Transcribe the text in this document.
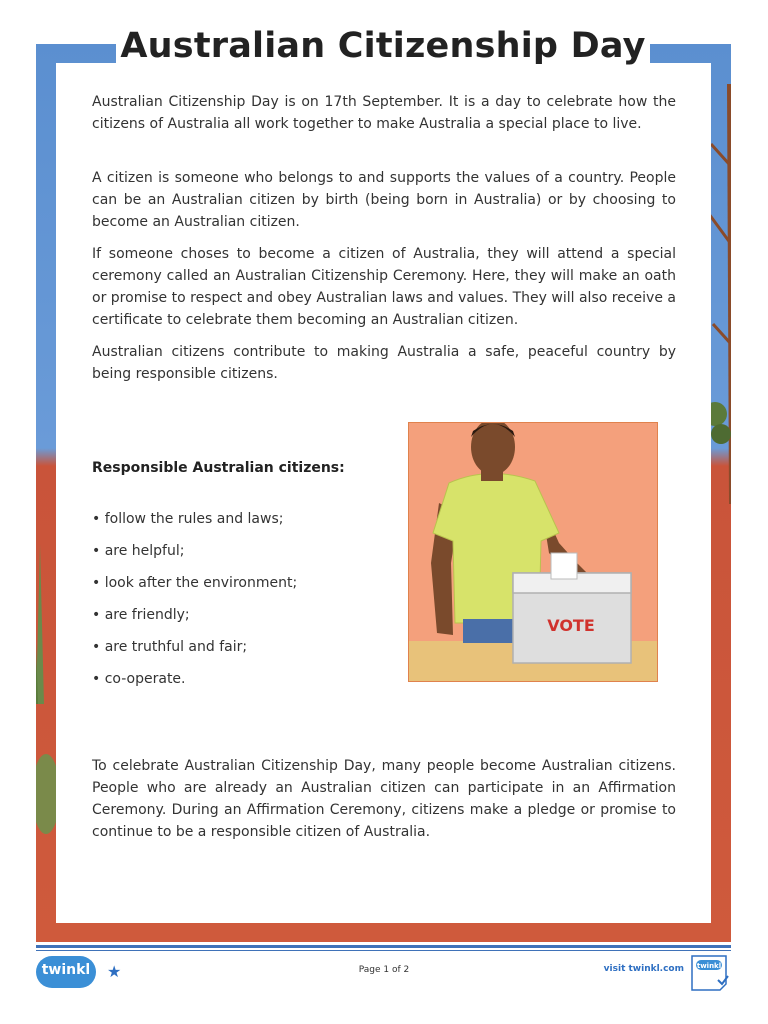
Australian Citizenship Day

Australian Citizenship Day is on 17th September. It is a day to celebrate how the citizens of Australia all work together to make Australia a special place to live.

A citizen is someone who belongs to and supports the values of a country. People can be an Australian citizen by birth (being born in Australia) or by choosing to become an Australian citizen.

If someone choses to become a citizen of Australia, they will attend a special ceremony called an Australian Citizenship Ceremony. Here, they will make an oath or promise to respect and obey Australian laws and values. They will also receive a certificate to celebrate them becoming an Australian citizen.

Australian citizens contribute to making Australia a safe, peaceful country by being responsible citizens.

Responsible Australian citizens:
• follow the rules and laws;
• are helpful;
• look after the environment;
• are friendly;
• are truthful and fair;
• co-operate.
VOTE

To celebrate Australian Citizenship Day, many people become Australian citizens. People who are already an Australian citizen can participate in an Affirmation Ceremony. During an Affirmation Ceremony, citizens make a pledge or promise to continue to be a responsible citizen of Australia.

twinkl	★	Page 1 of 2	visit twinkl.com twinkl
